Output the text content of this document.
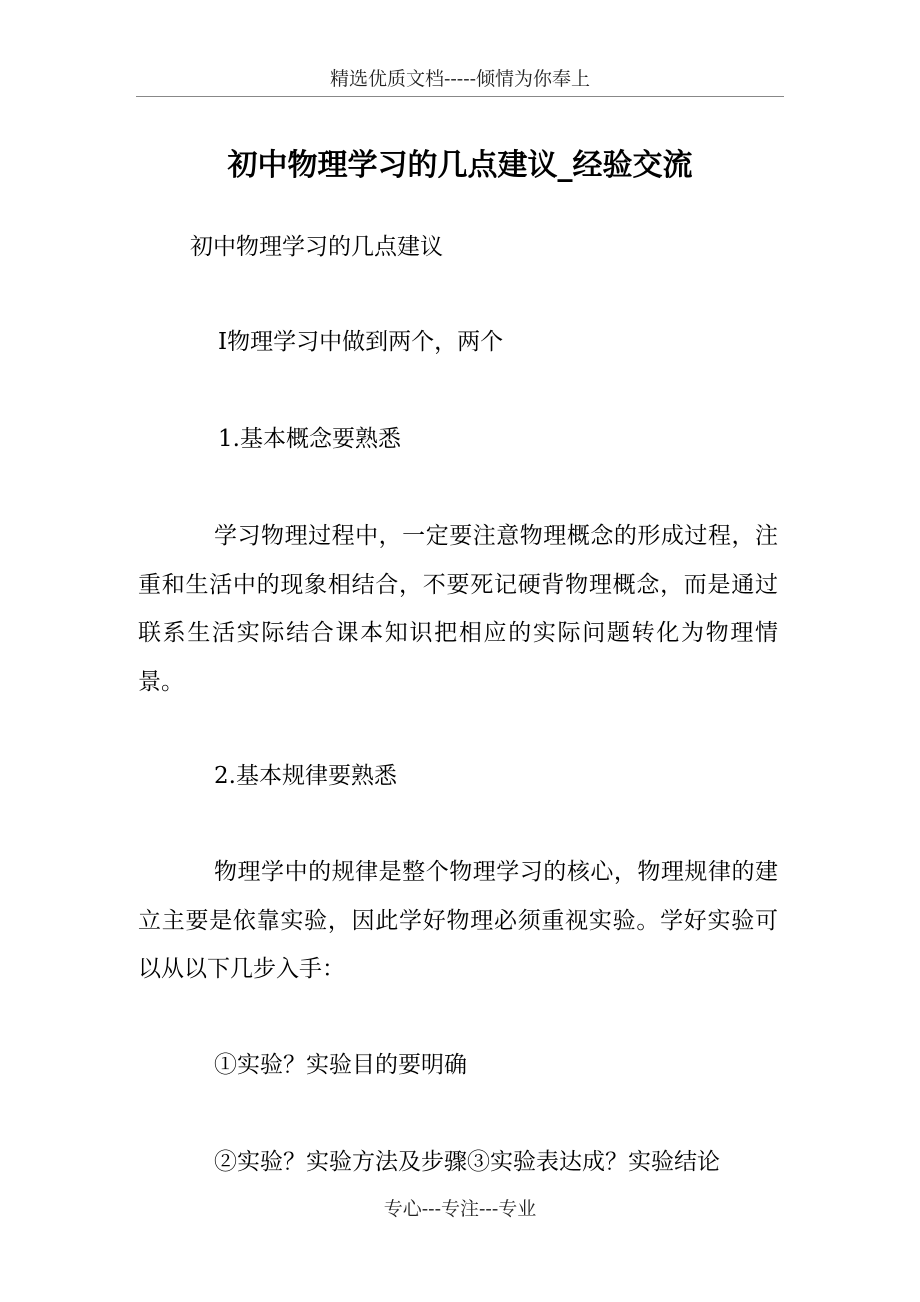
精选优质文档-----倾情为你奉上
初中物理学习的几点建议_经验交流
初中物理学习的几点建议
Ⅰ物理学习中做到两个，两个
1.基本概念要熟悉
学习物理过程中，一定要注意物理概念的形成过程，注重和生活中的现象相结合，不要死记硬背物理概念，而是通过联系生活实际结合课本知识把相应的实际问题转化为物理情景。
2.基本规律要熟悉
物理学中的规律是整个物理学习的核心，物理规律的建立主要是依靠实验，因此学好物理必须重视实验。学好实验可以从以下几步入手：
①实验？实验目的要明确
②实验？实验方法及步骤③实验表达成？实验结论
专心---专注---专业
